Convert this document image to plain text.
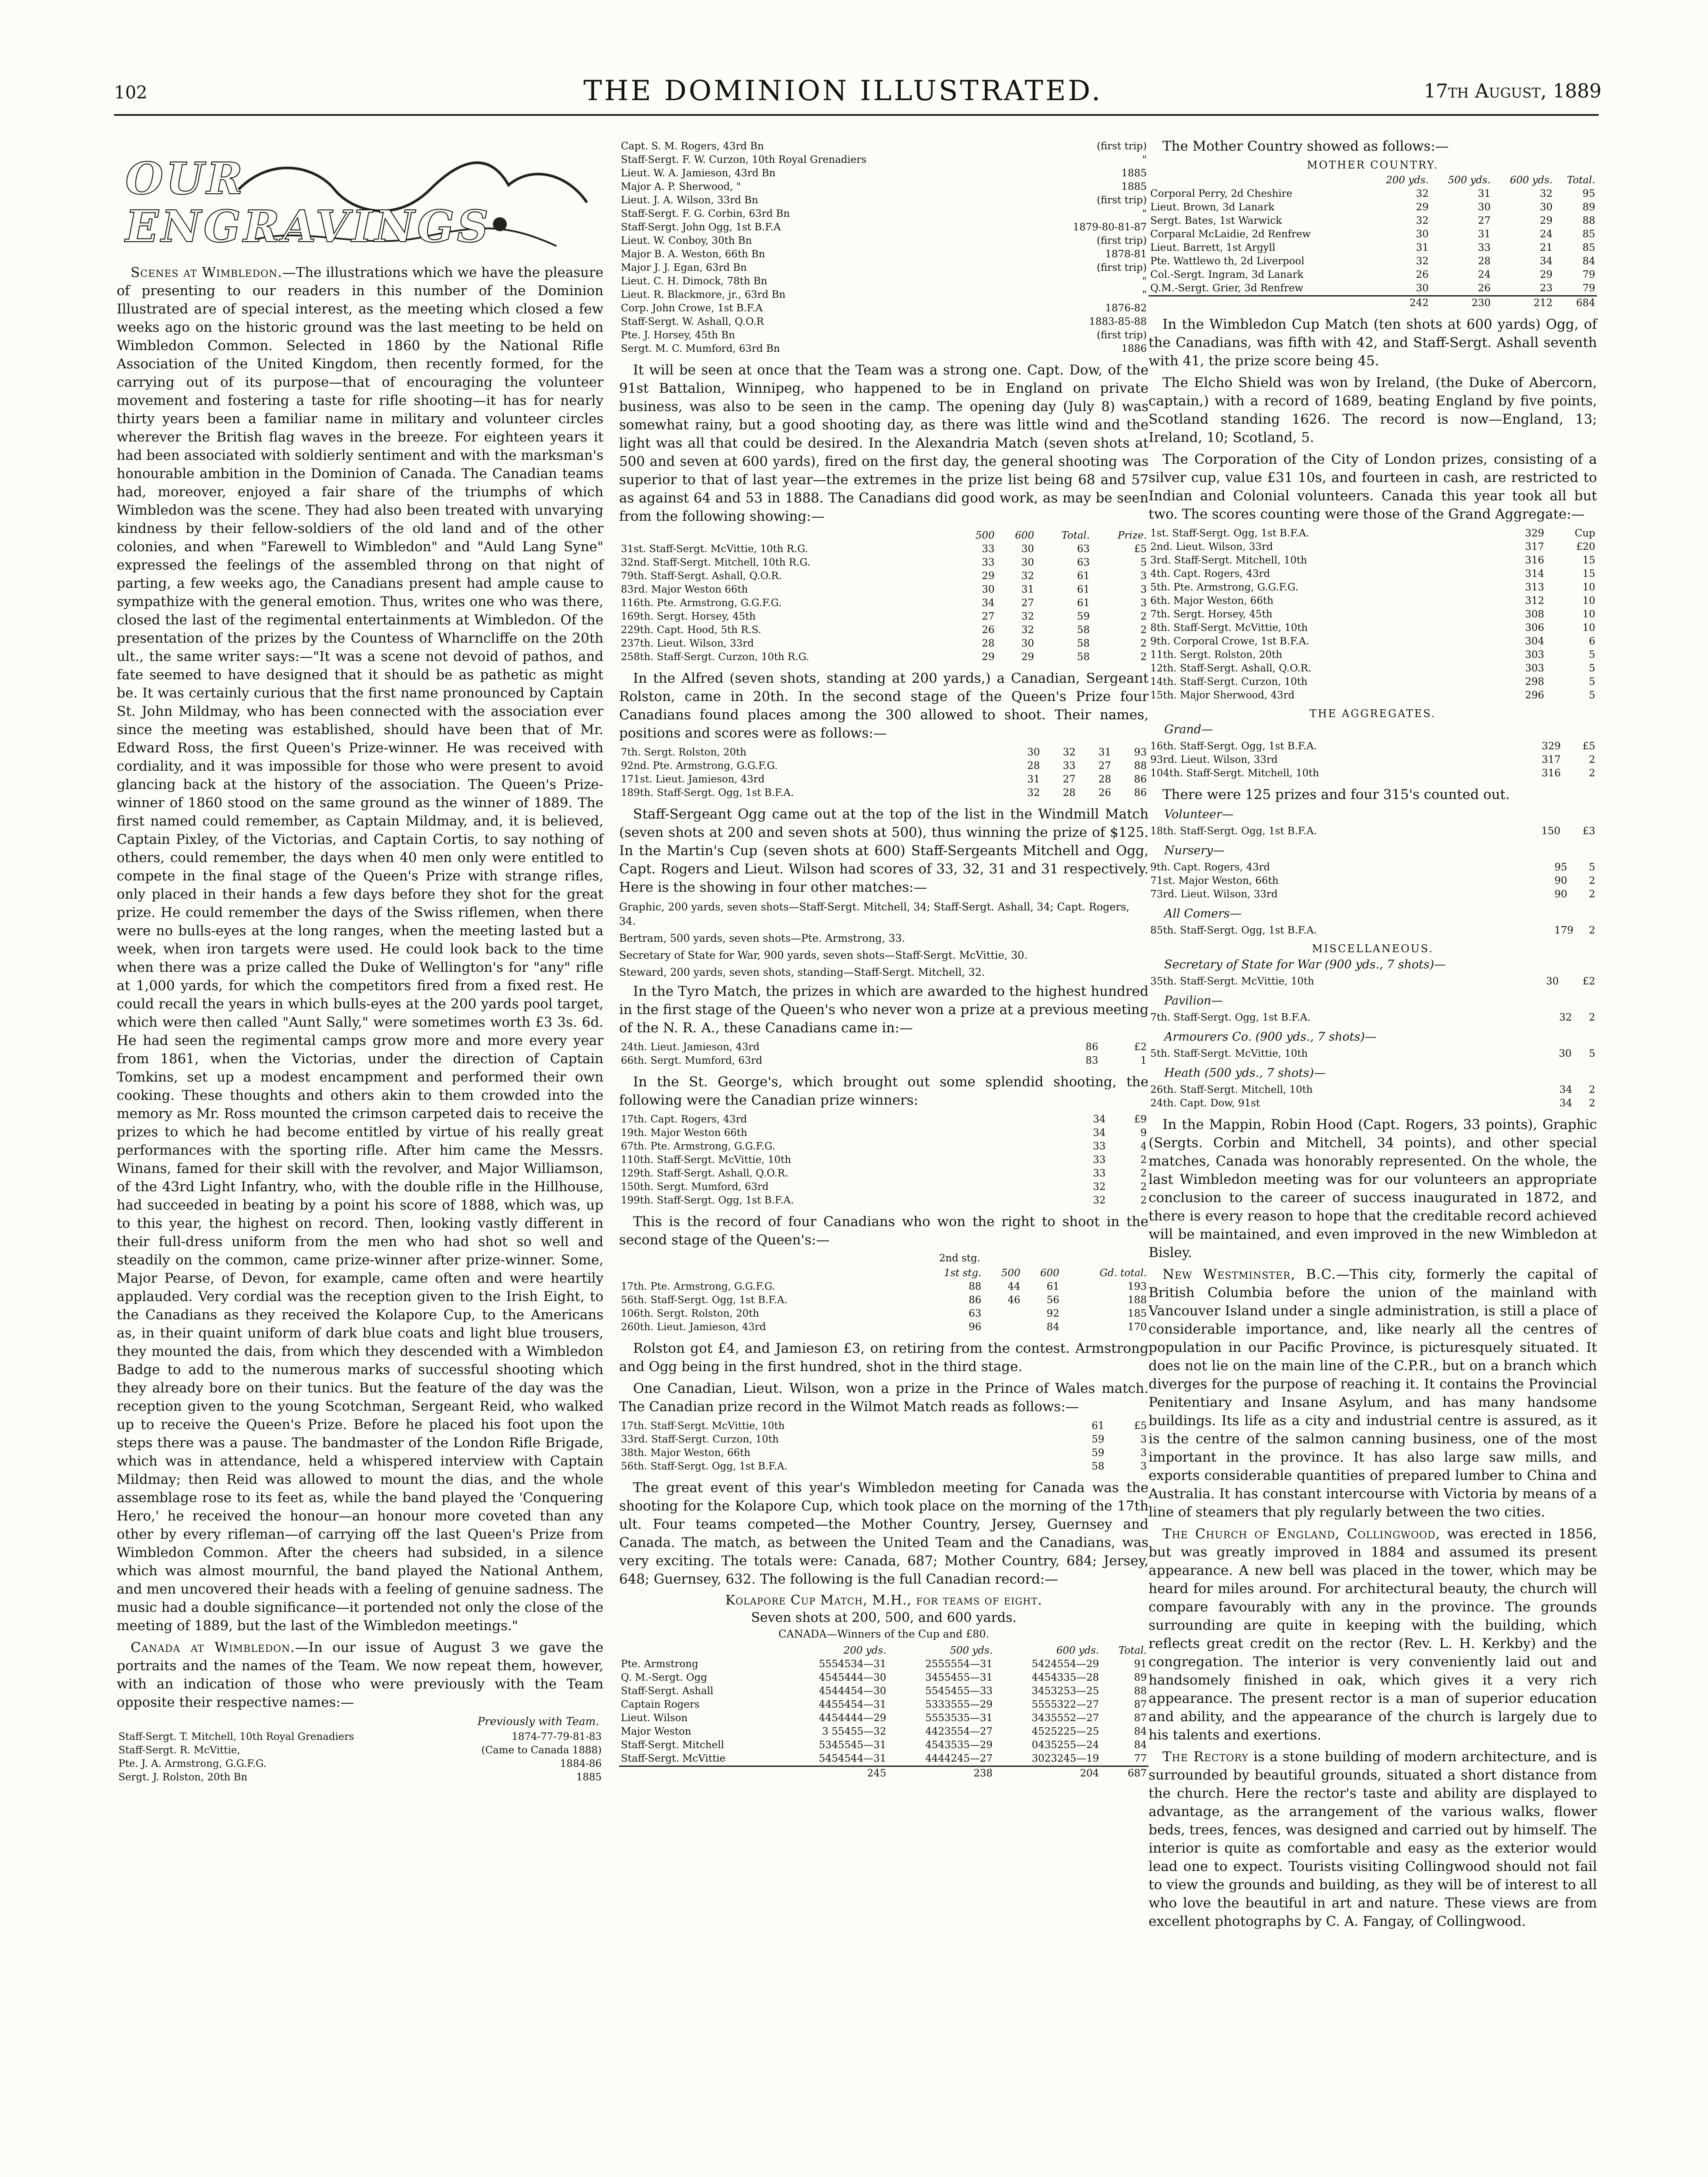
102	THE DOMINION ILLUSTRATED.	17th August, 1889
OUR ENGRAVINGS

Scenes at Wimbledon.—The illustrations which we have the pleasure of presenting to our readers in this number of the Dominion Illustrated are of special interest, as the meeting which closed a few weeks ago on the historic ground was the last meeting to be held on Wimbledon Common. Selected in 1860 by the National Rifle Association of the United Kingdom, then recently formed, for the carrying out of its purpose—that of encouraging the volunteer movement and fostering a taste for rifle shooting—it has for nearly thirty years been a familiar name in military and volunteer circles wherever the British flag waves in the breeze. For eighteen years it had been associated with soldierly sentiment and with the marksman's honourable ambition in the Dominion of Canada. The Canadian teams had, moreover, enjoyed a fair share of the triumphs of which Wimbledon was the scene. They had also been treated with unvarying kindness by their fellow-soldiers of the old land and of the other colonies, and when "Farewell to Wimbledon" and "Auld Lang Syne" expressed the feelings of the assembled throng on that night of parting, a few weeks ago, the Canadians present had ample cause to sympathize with the general emotion. Thus, writes one who was there, closed the last of the regimental entertainments at Wimbledon. Of the presentation of the prizes by the Countess of Wharncliffe on the 20th ult., the same writer says:—"It was a scene not devoid of pathos, and fate seemed to have designed that it should be as pathetic as might be. It was certainly curious that the first name pronounced by Captain St. John Mildmay, who has been connected with the association ever since the meeting was established, should have been that of Mr. Edward Ross, the first Queen's Prize-winner. He was received with cordiality, and it was impossible for those who were present to avoid glancing back at the history of the association. The Queen's Prize-winner of 1860 stood on the same ground as the winner of 1889. The first named could remember, as Captain Mildmay, and, it is believed, Captain Pixley, of the Victorias, and Captain Cortis, to say nothing of others, could remember, the days when 40 men only were entitled to compete in the final stage of the Queen's Prize with strange rifles, only placed in their hands a few days before they shot for the great prize. He could remember the days of the Swiss riflemen, when there were no bulls-eyes at the long ranges, when the meeting lasted but a week, when iron targets were used. He could look back to the time when there was a prize called the Duke of Wellington's for "any" rifle at 1,000 yards, for which the competitors fired from a fixed rest. He could recall the years in which bulls-eyes at the 200 yards pool target, which were then called "Aunt Sally," were sometimes worth £3 3s. 6d. He had seen the regimental camps grow more and more every year from 1861, when the Victorias, under the direction of Captain Tomkins, set up a modest encampment and performed their own cooking. These thoughts and others akin to them crowded into the memory as Mr. Ross mounted the crimson carpeted dais to receive the prizes to which he had become entitled by virtue of his really great performances with the sporting rifle. After him came the Messrs. Winans, famed for their skill with the revolver, and Major Williamson, of the 43rd Light Infantry, who, with the double rifle in the Hillhouse, had succeeded in beating by a point his score of 1888, which was, up to this year, the highest on record. Then, looking vastly different in their full-dress uniform from the men who had shot so well and steadily on the common, came prize-winner after prize-winner. Some, Major Pearse, of Devon, for example, came often and were heartily applauded. Very cordial was the reception given to the Irish Eight, to the Canadians as they received the Kolapore Cup, to the Americans as, in their quaint uniform of dark blue coats and light blue trousers, they mounted the dais, from which they descended with a Wimbledon Badge to add to the numerous marks of successful shooting which they already bore on their tunics. But the feature of the day was the reception given to the young Scotchman, Sergeant Reid, who walked up to receive the Queen's Prize. Before he placed his foot upon the steps there was a pause. The bandmaster of the London Rifle Brigade, which was in attendance, held a whispered interview with Captain Mildmay; then Reid was allowed to mount the dias, and the whole assemblage rose to its feet as, while the band played the 'Conquering Hero,' he received the honour—an honour more coveted than any other by every rifleman—of carrying off the last Queen's Prize from Wimbledon Common. After the cheers had subsided, in a silence which was almost mournful, the band played the National Anthem, and men uncovered their heads with a feeling of genuine sadness. The music had a double significance—it portended not only the close of the meeting of 1889, but the last of the Wimbledon meetings."

Canada at Wimbledon.—In our issue of August 3 we gave the portraits and the names of the Team. We now repeat them, however, with an indication of those who were previously with the Team opposite their respective names:—

Previously with Team.
Staff-Sergt. T. Mitchell, 10th Royal Grenadiers	1874-77-79-81-83
Staff-Sergt. R. McVittie,	(Came to Canada 1888)
Pte. J. A. Armstrong, G.G.F.G.	1884-86
Sergt. J. Rolston, 20th Bn	1885
Capt. S. M. Rogers, 43rd Bn	(first trip)
Staff-Sergt. F. W. Curzon, 10th Royal Grenadiers	"
Lieut. W. A. Jamieson, 43rd Bn	1885
Major A. P. Sherwood, "	1885
Lieut. J. A. Wilson, 33rd Bn	(first trip)
Staff-Sergt. F. G. Corbin, 63rd Bn	"
Staff-Sergt. John Ogg, 1st B.F.A	1879-80-81-87
Lieut. W. Conboy, 30th Bn	(first trip)
Major B. A. Weston, 66th Bn	1878-81
Major J. J. Egan, 63rd Bn	(first trip)
Lieut. C. H. Dimock, 78th Bn	"
Lieut. R. Blackmore, jr., 63rd Bn	"
Corp. John Crowe, 1st B.F.A	1876-82
Staff-Sergt. W. Ashall, Q.O.R	1883-85-88
Pte. J. Horsey, 45th Bn	(first trip)
Sergt. M. C. Mumford, 63rd Bn	1886

It will be seen at once that the Team was a strong one. Capt. Dow, of the 91st Battalion, Winnipeg, who happened to be in England on private business, was also to be seen in the camp. The opening day (July 8) was somewhat rainy, but a good shooting day, as there was little wind and the light was all that could be desired. In the Alexandria Match (seven shots at 500 and seven at 600 yards), fired on the first day, the general shooting was superior to that of last year—the extremes in the prize list being 68 and 57 as against 64 and 53 in 1888. The Canadians did good work, as may be seen from the following showing:—

	500	600	Total.	Prize.
31st. Staff-Sergt. McVittie, 10th R.G.	33	30	63	£5
32nd. Staff-Sergt. Mitchell, 10th R.G.	33	30	63	5
79th. Staff-Sergt. Ashall, Q.O.R.	29	32	61	3
83rd. Major Weston 66th	30	31	61	3
116th. Pte. Armstrong, G.G.F.G.	34	27	61	3
169th. Sergt. Horsey, 45th	27	32	59	2
229th. Capt. Hood, 5th R.S.	26	32	58	2
237th. Lieut. Wilson, 33rd	28	30	58	2
258th. Staff-Sergt. Curzon, 10th R.G.	29	29	58	2

In the Alfred (seven shots, standing at 200 yards,) a Canadian, Sergeant Rolston, came in 20th. In the second stage of the Queen's Prize four Canadians found places among the 300 allowed to shoot. Their names, positions and scores were as follows:—

7th. Sergt. Rolston, 20th	30	32	31	93
92nd. Pte. Armstrong, G.G.F.G.	28	33	27	88
171st. Lieut. Jamieson, 43rd	31	27	28	86
189th. Staff-Sergt. Ogg, 1st B.F.A.	32	28	26	86

Staff-Sergeant Ogg came out at the top of the list in the Windmill Match (seven shots at 200 and seven shots at 500), thus winning the prize of $125. In the Martin's Cup (seven shots at 600) Staff-Sergeants Mitchell and Ogg, Capt. Rogers and Lieut. Wilson had scores of 33, 32, 31 and 31 respectively. Here is the showing in four other matches:—

Graphic, 200 yards, seven shots—Staff-Sergt. Mitchell, 34; Staff-Sergt. Ashall, 34; Capt. Rogers, 34.
Bertram, 500 yards, seven shots—Pte. Armstrong, 33.
Secretary of State for War, 900 yards, seven shots—Staff-Sergt. McVittie, 30.
Steward, 200 yards, seven shots, standing—Staff-Sergt. Mitchell, 32.

In the Tyro Match, the prizes in which are awarded to the highest hundred in the first stage of the Queen's who never won a prize at a previous meeting of the N. R. A., these Canadians came in:—

24th. Lieut. Jamieson, 43rd	86	£2
66th. Sergt. Mumford, 63rd	83	1

In the St. George's, which brought out some splendid shooting, the following were the Canadian prize winners:

17th. Capt. Rogers, 43rd	34	£9
19th. Major Weston 66th	34	9
67th. Pte. Armstrong, G.G.F.G.	33	4
110th. Staff-Sergt. McVittie, 10th	33	2
129th. Staff-Sergt. Ashall, Q.O.R.	33	2
150th. Sergt. Mumford, 63rd	32	2
199th. Staff-Sergt. Ogg, 1st B.F.A.	32	2

This is the record of four Canadians who won the right to shoot in the second stage of the Queen's:—

2nd stg.
	1st stg.	500	600	Gd. total.
17th. Pte. Armstrong, G.G.F.G.	88	44	61	193
56th. Staff-Sergt. Ogg, 1st B.F.A.	86	46	56	188
106th. Sergt. Rolston, 20th	63		92	185
260th. Lieut. Jamieson, 43rd	96		84	170

Rolston got £4, and Jamieson £3, on retiring from the contest. Armstrong and Ogg being in the first hundred, shot in the third stage.

One Canadian, Lieut. Wilson, won a prize in the Prince of Wales match. The Canadian prize record in the Wilmot Match reads as follows:—

17th. Staff-Sergt. McVittie, 10th	61	£5
33rd. Staff-Sergt. Curzon, 10th	59	3
38th. Major Weston, 66th	59	3
56th. Staff-Sergt. Ogg, 1st B.F.A.	58	3

The great event of this year's Wimbledon meeting for Canada was the shooting for the Kolapore Cup, which took place on the morning of the 17th ult. Four teams competed—the Mother Country, Jersey, Guernsey and Canada. The match, as between the United Team and the Canadians, was very exciting. The totals were: Canada, 687; Mother Country, 684; Jersey, 648; Guernsey, 632. The following is the full Canadian record:—

Kolapore Cup Match, M.H., for teams of eight.
Seven shots at 200, 500, and 600 yards.
CANADA—Winners of the Cup and £80.
	200 yds.	500 yds.	600 yds.	Total.
Pte. Armstrong	5554534—31	2555554—31	5424554—29	91
Q. M.-Sergt. Ogg	4545444—30	3455455—31	4454335—28	89
Staff-Sergt. Ashall	4544454—30	5545455—33	3453253—25	88
Captain Rogers	4455454—31	5333555—29	5555322—27	87
Lieut. Wilson	4454444—29	5553535—31	3435552—27	87
Major Weston	3 55455—32	4423554—27	4525225—25	84
Staff-Sergt. Mitchell	5345545—31	4543535—29	0435255—24	84
Staff-Sergt. McVittie	5454544—31	4444245—27	3023245—19	77
	245	238	204	687

The Mother Country showed as follows:—

MOTHER COUNTRY.
	200 yds.	500 yds.	600 yds.	Total.
Corporal Perry, 2d Cheshire	32	31	32	95
Lieut. Brown, 3d Lanark	29	30	30	89
Sergt. Bates, 1st Warwick	32	27	29	88
Corparal McLaidie, 2d Renfrew	30	31	24	85
Lieut. Barrett, 1st Argyll	31	33	21	85
Pte. Wattlewo th, 2d Liverpool	32	28	34	84
Col.-Sergt. Ingram, 3d Lanark	26	24	29	79
Q.M.-Sergt. Grier, 3d Renfrew	30	26	23	79
	242	230	212	684

In the Wimbledon Cup Match (ten shots at 600 yards) Ogg, of the Canadians, was fifth with 42, and Staff-Sergt. Ashall seventh with 41, the prize score being 45.

The Elcho Shield was won by Ireland, (the Duke of Abercorn, captain,) with a record of 1689, beating England by five points, Scotland standing 1626. The record is now—England, 13; Ireland, 10; Scotland, 5.

The Corporation of the City of London prizes, consisting of a silver cup, value £31 10s, and fourteen in cash, are restricted to Indian and Colonial volunteers. Canada this year took all but two. The scores counting were those of the Grand Aggregate:—

1st. Staff-Sergt. Ogg, 1st B.F.A.	329	Cup
2nd. Lieut. Wilson, 33rd	317	£20
3rd. Staff-Sergt. Mitchell, 10th	316	15
4th. Capt. Rogers, 43rd	314	15
5th. Pte. Armstrong, G.G.F.G.	313	10
6th. Major Weston, 66th	312	10
7th. Sergt. Horsey, 45th	308	10
8th. Staff-Sergt. McVittie, 10th	306	10
9th. Corporal Crowe, 1st B.F.A.	304	6
11th. Sergt. Rolston, 20th	303	5
12th. Staff-Sergt. Ashall, Q.O.R.	303	5
14th. Staff-Sergt. Curzon, 10th	298	5
15th. Major Sherwood, 43rd	296	5
THE AGGREGATES.
Grand—
16th. Staff-Sergt. Ogg, 1st B.F.A.	329	£5
93rd. Lieut. Wilson, 33rd	317	2
104th. Staff-Sergt. Mitchell, 10th	316	2

There were 125 prizes and four 315's counted out.

Volunteer—
18th. Staff-Sergt. Ogg, 1st B.F.A.	150	£3
Nursery—
9th. Capt. Rogers, 43rd	95	5
71st. Major Weston, 66th	90	2
73rd. Lieut. Wilson, 33rd	90	2
All Comers—
85th. Staff-Sergt. Ogg, 1st B.F.A.	179	2
MISCELLANEOUS.
Secretary of State for War (900 yds., 7 shots)—
35th. Staff-Sergt. McVittie, 10th	30	£2
Pavilion—
7th. Staff-Sergt. Ogg, 1st B.F.A.	32	2
Armourers Co. (900 yds., 7 shots)—
5th. Staff-Sergt. McVittie, 10th	30	5
Heath (500 yds., 7 shots)—
26th. Staff-Sergt. Mitchell, 10th	34	2
24th. Capt. Dow, 91st	34	2

In the Mappin, Robin Hood (Capt. Rogers, 33 points), Graphic (Sergts. Corbin and Mitchell, 34 points), and other special matches, Canada was honorably represented. On the whole, the last Wimbledon meeting was for our volunteers an appropriate conclusion to the career of success inaugurated in 1872, and there is every reason to hope that the creditable record achieved will be maintained, and even improved in the new Wimbledon at Bisley.

New Westminster, B.C.—This city, formerly the capital of British Columbia before the union of the mainland with Vancouver Island under a single administration, is still a place of considerable importance, and, like nearly all the centres of population in our Pacific Province, is picturesquely situated. It does not lie on the main line of the C.P.R., but on a branch which diverges for the purpose of reaching it. It contains the Provincial Penitentiary and Insane Asylum, and has many handsome buildings. Its life as a city and industrial centre is assured, as it is the centre of the salmon canning business, one of the most important in the province. It has also large saw mills, and exports considerable quantities of prepared lumber to China and Australia. It has constant intercourse with Victoria by means of a line of steamers that ply regularly between the two cities.

The Church of England, Collingwood, was erected in 1856, but was greatly improved in 1884 and assumed its present appearance. A new bell was placed in the tower, which may be heard for miles around. For architectural beauty, the church will compare favourably with any in the province. The grounds surrounding are quite in keeping with the building, which reflects great credit on the rector (Rev. L. H. Kerkby) and the congregation. The interior is very conveniently laid out and handsomely finished in oak, which gives it a very rich appearance. The present rector is a man of superior education and ability, and the appearance of the church is largely due to his talents and exertions.

The Rectory is a stone building of modern architecture, and is surrounded by beautiful grounds, situated a short distance from the church. Here the rector's taste and ability are displayed to advantage, as the arrangement of the various walks, flower beds, trees, fences, was designed and carried out by himself. The interior is quite as comfortable and easy as the exterior would lead one to expect. Tourists visiting Collingwood should not fail to view the grounds and building, as they will be of interest to all who love the beautiful in art and nature. These views are from excellent photographs by C. A. Fangay, of Collingwood.
